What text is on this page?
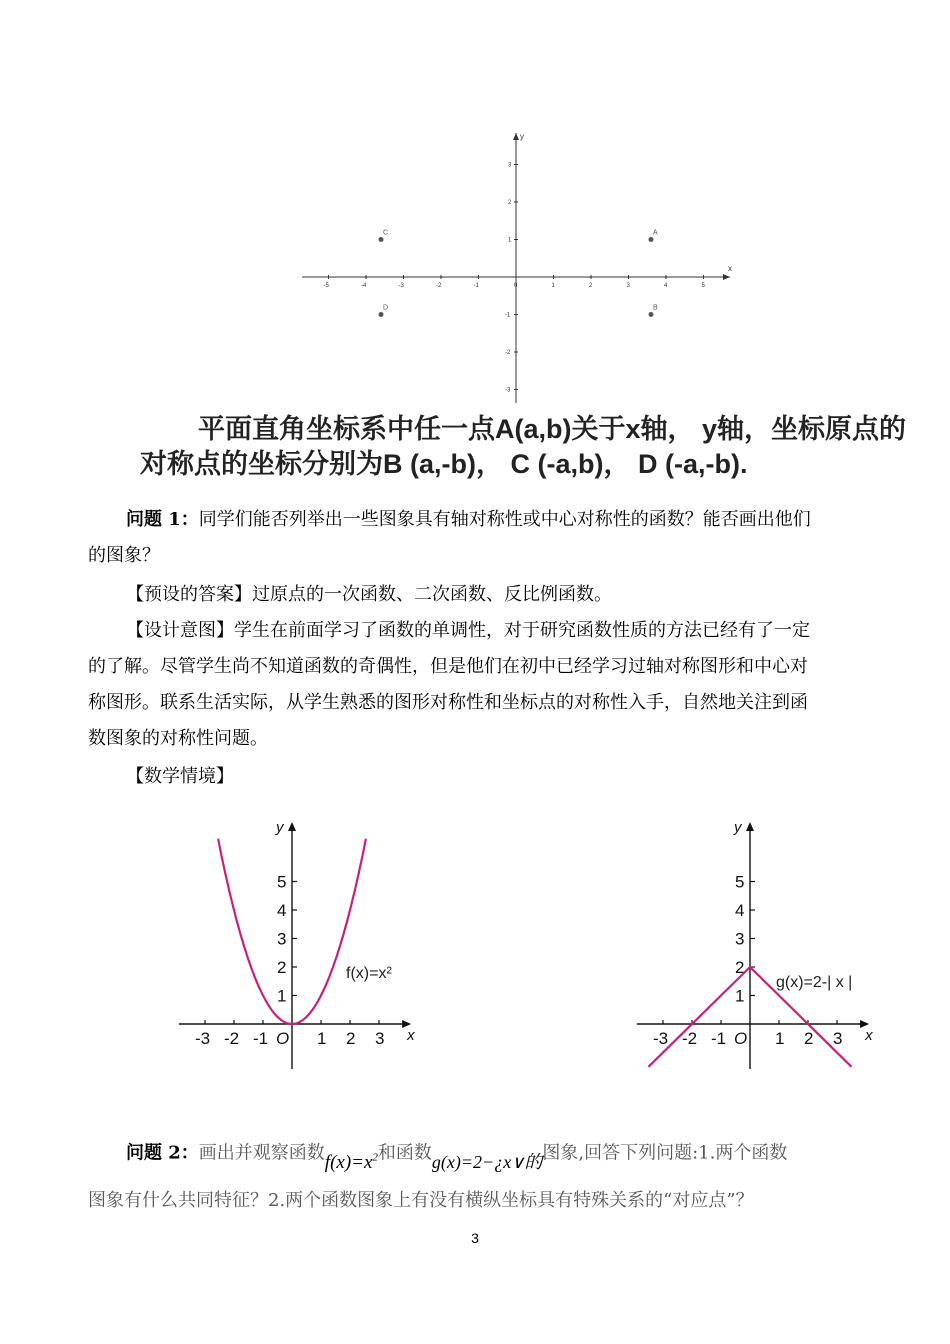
x
y
-5	-4	-3	-2	-1	0	1	2	3	4	5
3
2
1
-1
-2
-3
A
B
C
D
平面直角坐标系中任一点A(a,b)关于x轴， y轴，坐标原点的
对称点的坐标分别为B (a,-b)， C (-a,b)， D (-a,-b).
问题 1：同学们能否列举出一些图象具有轴对称性或中心对称性的函数？能否画出他们
的图象？
【预设的答案】过原点的一次函数、二次函数、反比例函数。
【设计意图】学生在前面学习了函数的单调性，对于研究函数性质的方法已经有了一定
的了解。尽管学生尚不知道函数的奇偶性，但是他们在初中已经学习过轴对称图形和中心对
称图形。联系生活实际，从学生熟悉的图形对称性和坐标点的对称性入手，自然地关注到函
数图象的对称性问题。
【数学情境】
x
y
-3 -2 -1 O 1 2 3
1
2
3
4
5
f(x)=x²
x
y
-3 -2 -1 O 1 2 3
1
2
3
4
5
g(x)=2-| x |
问题 2：画出并观察函数$f(x)=x^2$和函数g(x)=2−¿x∨的图象,回答下列问题:1.两个函数
图象有什么共同特征？2.两个函数图象上有没有横纵坐标具有特殊关系的“对应点”？
3
